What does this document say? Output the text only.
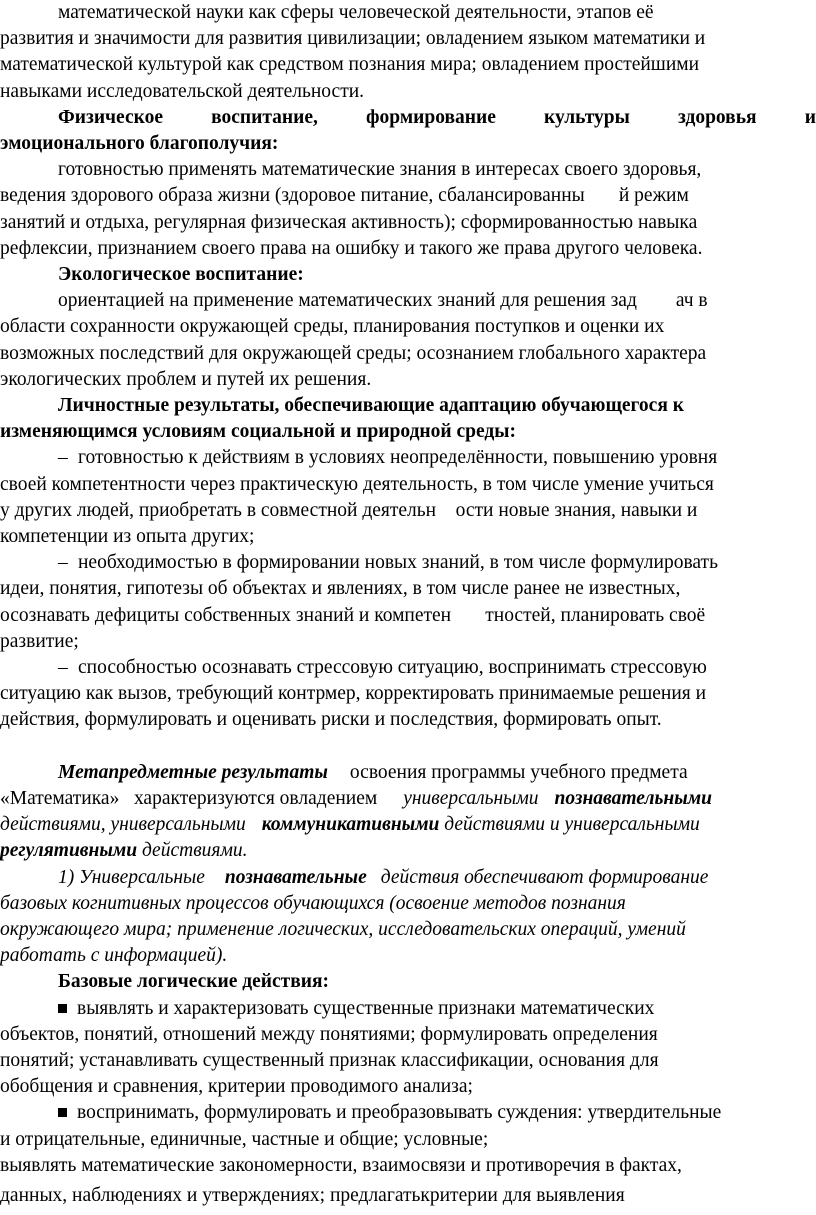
математической науки как сферы человеческой деятельности, этапов её

развития и значимости для развития цивилизации; овладением языком математики и

математической культурой как средством познания мира; овладением простейшими

навыками исследовательской деятельности.

Физическое воспитание, формирование культуры здоровья и

эмоционального благополучия:

готовностью применять математические знания в интересах своего здоровья,

ведения здорового образа жизни (здоровое питание, сбалансированны       й режим

занятий и отдыха, регулярная физическая активность); сформированностью навыка

рефлексии, признанием своего права на ошибку и такого же права другого человека.

Экологическое воспитание:

ориентацией на применение математических знаний для решения зад        ач в

области сохранности окружающей среды, планирования поступков и оценки их

возможных последствий для окружающей среды; осознанием глобального характера

экологических проблем и путей их решения.

Личностные результаты, обеспечивающие адаптацию обучающегося к

изменяющимся условиям социальной и природной среды:

– готовностью к действиям в условиях неопределённости, повышению уровня

своей компетентности через практическую деятельность, в том числе умение учиться

у других людей, приобретать в совместной деятельн    ости новые знания, навыки и

компетенции из опыта других;

– необходимостью в формировании новых знаний, в том числе формулировать

идеи, понятия, гипотезы об объектах и явлениях, в том числе ранее не известных,

осознавать дефициты собственных знаний и компетен       тностей, планировать своё

развитие;

– способностью осознавать стрессовую ситуацию, воспринимать стрессовую

ситуацию как вызов, требующий контрмер, корректировать принимаемые решения и

действия, формулировать и оценивать риски и последствия, формировать опыт.

Метапредметные результаты освоения программы учебного предмета

«Математика»   характеризуются овладением универсальными познавательными

действиями, универсальными коммуникативными действиями и универсальными

регулятивными действиями.

1) Универсальные познавательные действия обеспечивают формирование

базовых когнитивных процессов обучающихся (освоение методов познания

окружающего мира; применение логических, исследовательских операций, умений

работать с информацией).

Базовые логические действия:

выявлять и характеризовать существенные признаки математических

объектов, понятий, отношений между понятиями; формулировать определения

понятий; устанавливать существенный признак классификации, основания для

обобщения и сравнения, критерии проводимого анализа;

воспринимать, формулировать и преобразовывать суждения: утвердительные

и отрицательные, единичные, частные и общие; условные;

выявлять математические закономерности, взаимосвязи и противоречия в фактах,

данных, наблюдениях и утверждениях; предлагатькритерии для выявления
